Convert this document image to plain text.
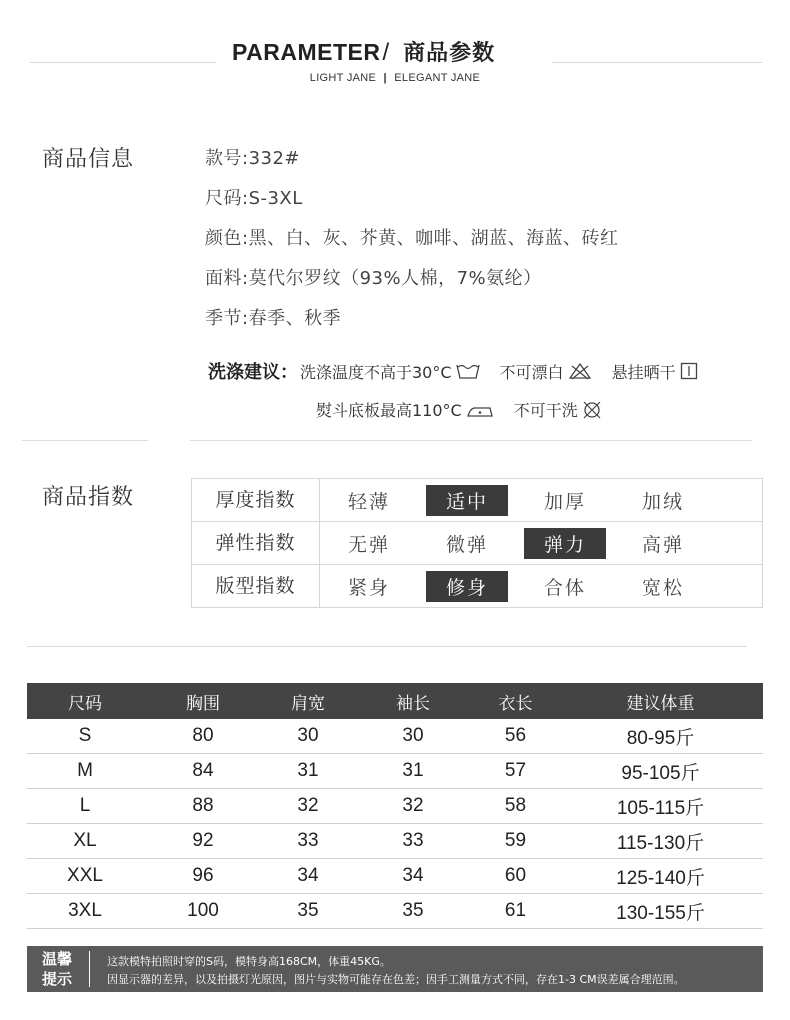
PARAMETER / 商品参数
LIGHT JANE | ELEGANT JANE
商品信息	款号:332#
尺码:S-3XL
颜色:黑、白、灰、芥黄、咖啡、湖蓝、海蓝、砖红
面料:莫代尔罗纹（93%人棉，7%氨纶）
季节:春季、秋季
洗涤建议： 洗涤温度不高于30°C	不可漂白	悬挂晒干
熨斗底板最高110°C	不可干洗
商品指数	厚度指数	轻薄	适中	加厚	加绒
弹性指数	无弹	微弹	弹力	高弹
版型指数	紧身	修身	合体	宽松
尺码	胸围	肩宽	袖长	衣长	建议体重
S	80	30	30	56	80-95斤
M	84	31	31	57	95-105斤
L	88	32	32	58	105-115斤
XL	92	33	33	59	115-130斤
XXL	96	34	34	60	125-140斤
3XL	100	35	35	61	130-155斤
温馨
提示
这款模特拍照时穿的S码，模特身高168CM，体重45KG。
因显示器的差异，以及拍摄灯光原因，图片与实物可能存在色差；因手工测量方式不同，存在1-3 CM误差属合理范围。
